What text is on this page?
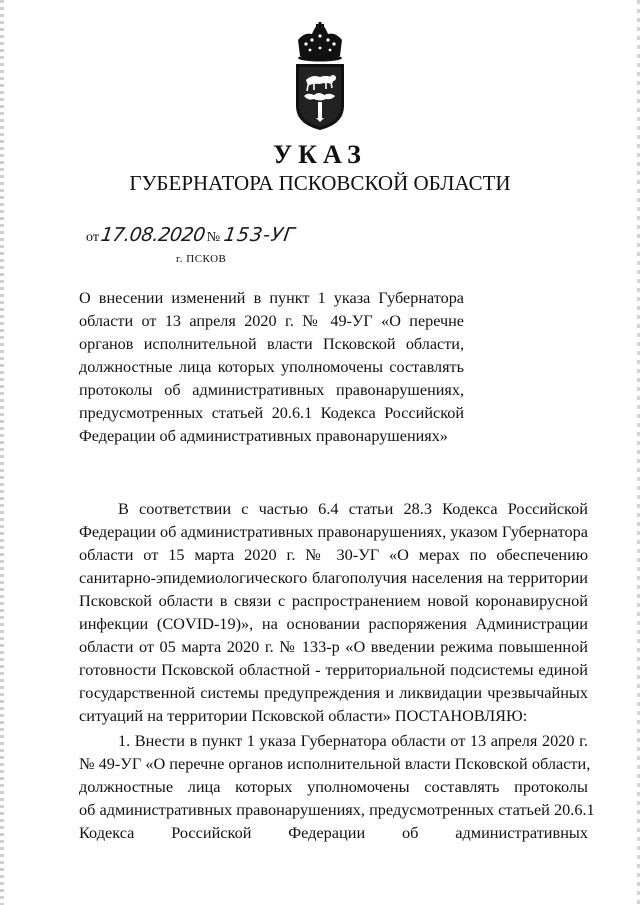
УКАЗ
ГУБЕРНАТОРА ПСКОВСКОЙ ОБЛАСТИ
от 17.08.2020 № 153-УГ
г. ПСКОВ
О внесении изменений в пункт 1 указа Губернатора
области от 13 апреля 2020 г. № 49-УГ «О перечне
органов исполнительной власти Псковской области,
должностные лица которых уполномочены составлять
протоколы об административных правонарушениях,
предусмотренных статьей 20.6.1 Кодекса Российской
Федерации об административных правонарушениях»
В соответствии с частью 6.4 статьи 28.3 Кодекса Российской
Федерации об административных правонарушениях, указом Губернатора
области от 15 марта 2020 г. № 30-УГ «О мерах по обеспечению
санитарно-эпидемиологического благополучия населения на территории
Псковской области в связи с распространением новой коронавирусной
инфекции (COVID-19)», на основании распоряжения Администрации
области от 05 марта 2020 г. № 133-р «О введении режима повышенной
готовности Псковской областной - территориальной подсистемы единой
государственной системы предупреждения и ликвидации чрезвычайных
ситуаций на территории Псковской области» ПОСТАНОВЛЯЮ:
1. Внести в пункт 1 указа Губернатора области от 13 апреля 2020 г.
№ 49-УГ «О перечне органов исполнительной власти Псковской области,
должностные лица которых уполномочены составлять протоколы
об административных правонарушениях, предусмотренных статьей 20.6.1
Кодекса Российской Федерации об административных
